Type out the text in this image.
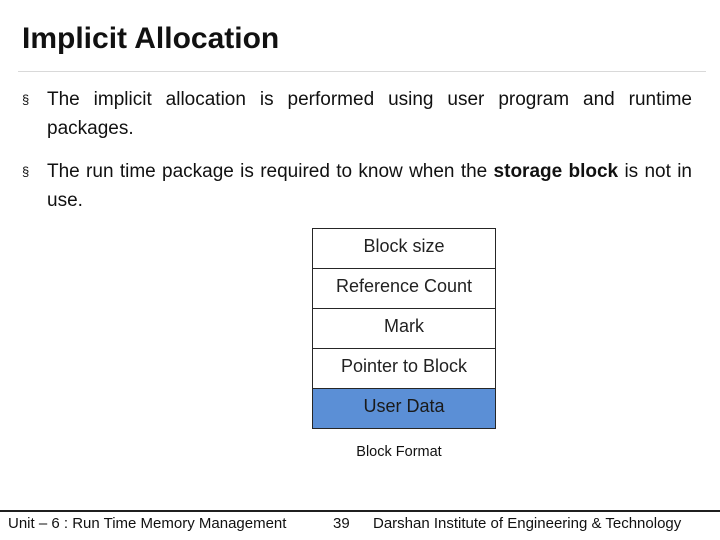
Implicit Allocation
§ The implicit allocation is performed using user program and runtime packages.
§ The run time package is required to know when the storage block is not in use.
Block size
Reference Count
Mark
Pointer to Block
User Data
Block Format
Unit – 6 : Run Time Memory Management	39 Darshan Institute of Engineering & Technology
